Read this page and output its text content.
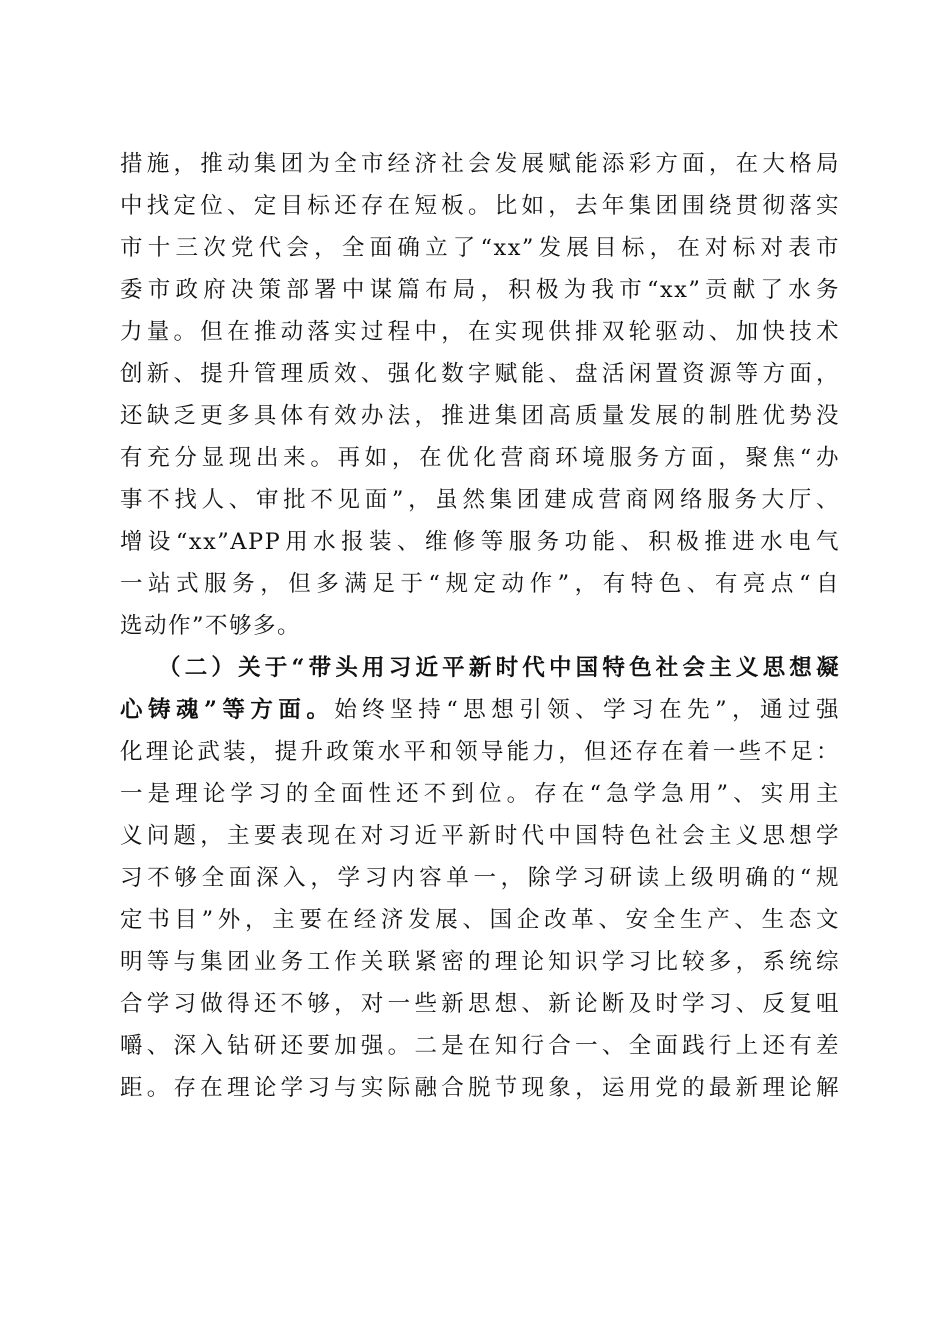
措施，推动集团为全市经济社会发展赋能添彩方面，在大格局
中找定位、定目标还存在短板。比如，去年集团围绕贯彻落实
市十三次党代会，全面确立了“xx”发展目标，在对标对表市
委市政府决策部署中谋篇布局，积极为我市“xx”贡献了水务
力量。但在推动落实过程中，在实现供排双轮驱动、加快技术
创新、提升管理质效、强化数字赋能、盘活闲置资源等方面，
还缺乏更多具体有效办法，推进集团高质量发展的制胜优势没
有充分显现出来。再如，在优化营商环境服务方面，聚焦“办
事不找人、审批不见面”，虽然集团建成营商网络服务大厅、
增设“xx”APP用水报装、维修等服务功能、积极推进水电气
一站式服务，但多满足于“规定动作”，有特色、有亮点“自
选动作”不够多。
（二）关于“带头用习近平新时代中国特色社会主义思想凝
心铸魂”等方面。始终坚持“思想引领、学习在先”，通过强
化理论武装，提升政策水平和领导能力，但还存在着一些不足：
一是理论学习的全面性还不到位。存在“急学急用”、实用主
义问题，主要表现在对习近平新时代中国特色社会主义思想学
习不够全面深入，学习内容单一，除学习研读上级明确的“规
定书目”外，主要在经济发展、国企改革、安全生产、生态文
明等与集团业务工作关联紧密的理论知识学习比较多，系统综
合学习做得还不够，对一些新思想、新论断及时学习、反复咀
嚼、深入钻研还要加强。二是在知行合一、全面践行上还有差
距。存在理论学习与实际融合脱节现象，运用党的最新理论解
